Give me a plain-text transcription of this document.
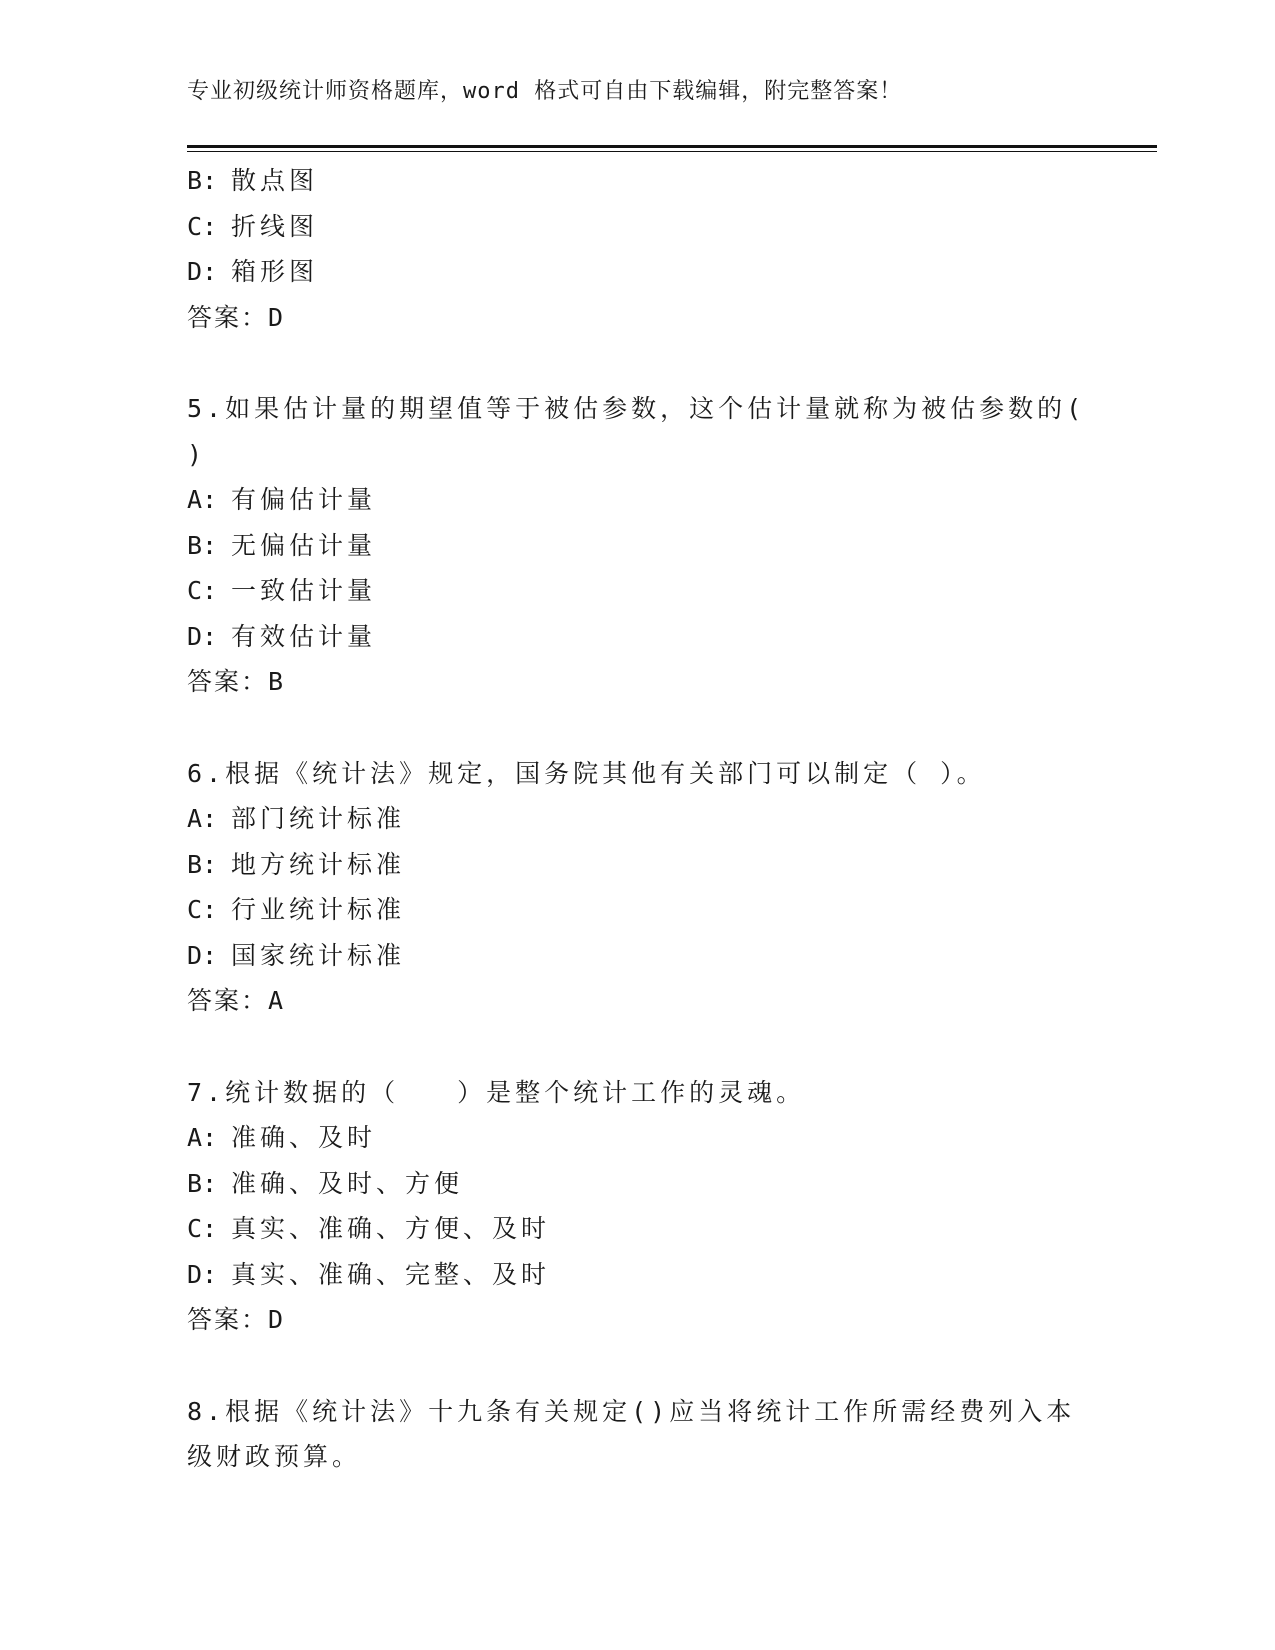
专业初级统计师资格题库，word 格式可自由下载编辑，附完整答案！
B: 散点图
C: 折线图
D: 箱形图
答案：D
5.如果估计量的期望值等于被估参数，这个估计量就称为被估参数的(
)
A: 有偏估计量
B: 无偏估计量
C: 一致估计量
D: 有效估计量
答案：B
6.根据《统计法》规定，国务院其他有关部门可以制定（ ）。
A: 部门统计标准
B: 地方统计标准
C: 行业统计标准
D: 国家统计标准
答案：A
7.统计数据的（　　）是整个统计工作的灵魂。
A: 准确、及时
B: 准确、及时、方便
C: 真实、准确、方便、及时
D: 真实、准确、完整、及时
答案：D
8.根据《统计法》十九条有关规定()应当将统计工作所需经费列入本
级财政预算。
